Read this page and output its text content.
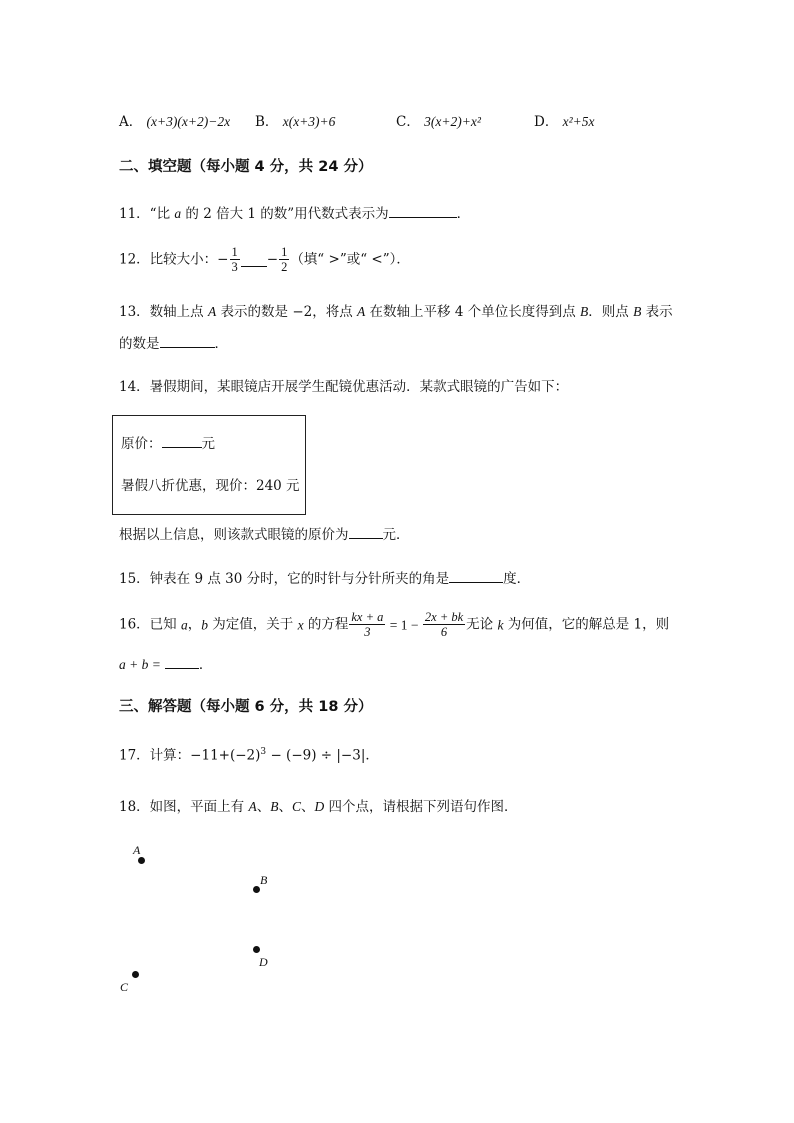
A． (x+3)(x+2)−2x B． x(x+3)+6	C． 3(x+2)+x²	D． x²+5x
二、填空题（每小题 4 分，共 24 分）
11．“比 a 的 2 倍大 1 的数”用代数式表示为	．
12．比较大小：− $\frac{1}{3} - \frac{1}{2}$ （填“ >”或“ <”）．
13．数轴上点 A 表示的数是 −2，将点 A 在数轴上平移 4 个单位长度得到点 B．则点 B 表示
的数是	．
14．暑假期间，某眼镜店开展学生配镜优惠活动．某款式眼镜的广告如下：
原价：	元
暑假八折优惠，现价：240 元
根据以上信息，则该款式眼镜的原价为	元．
15．钟表在 9 点 30 分时，它的时针与分针所夹的角是	度．
16．已知 a，b 为定值，关于 x 的方程 $\frac{kx + a}{3} = 1 - \frac{2x + bk}{6}$ 无论 k 为何值，它的解总是 1，则
a + b =	．
三、解答题（每小题 6 分，共 18 分）
17．计算：$-11+(-2)^3 - (-9) \div |-3|$．
18．如图，平面上有 A、B、C、D 四个点，请根据下列语句作图．
A
B
D
C
